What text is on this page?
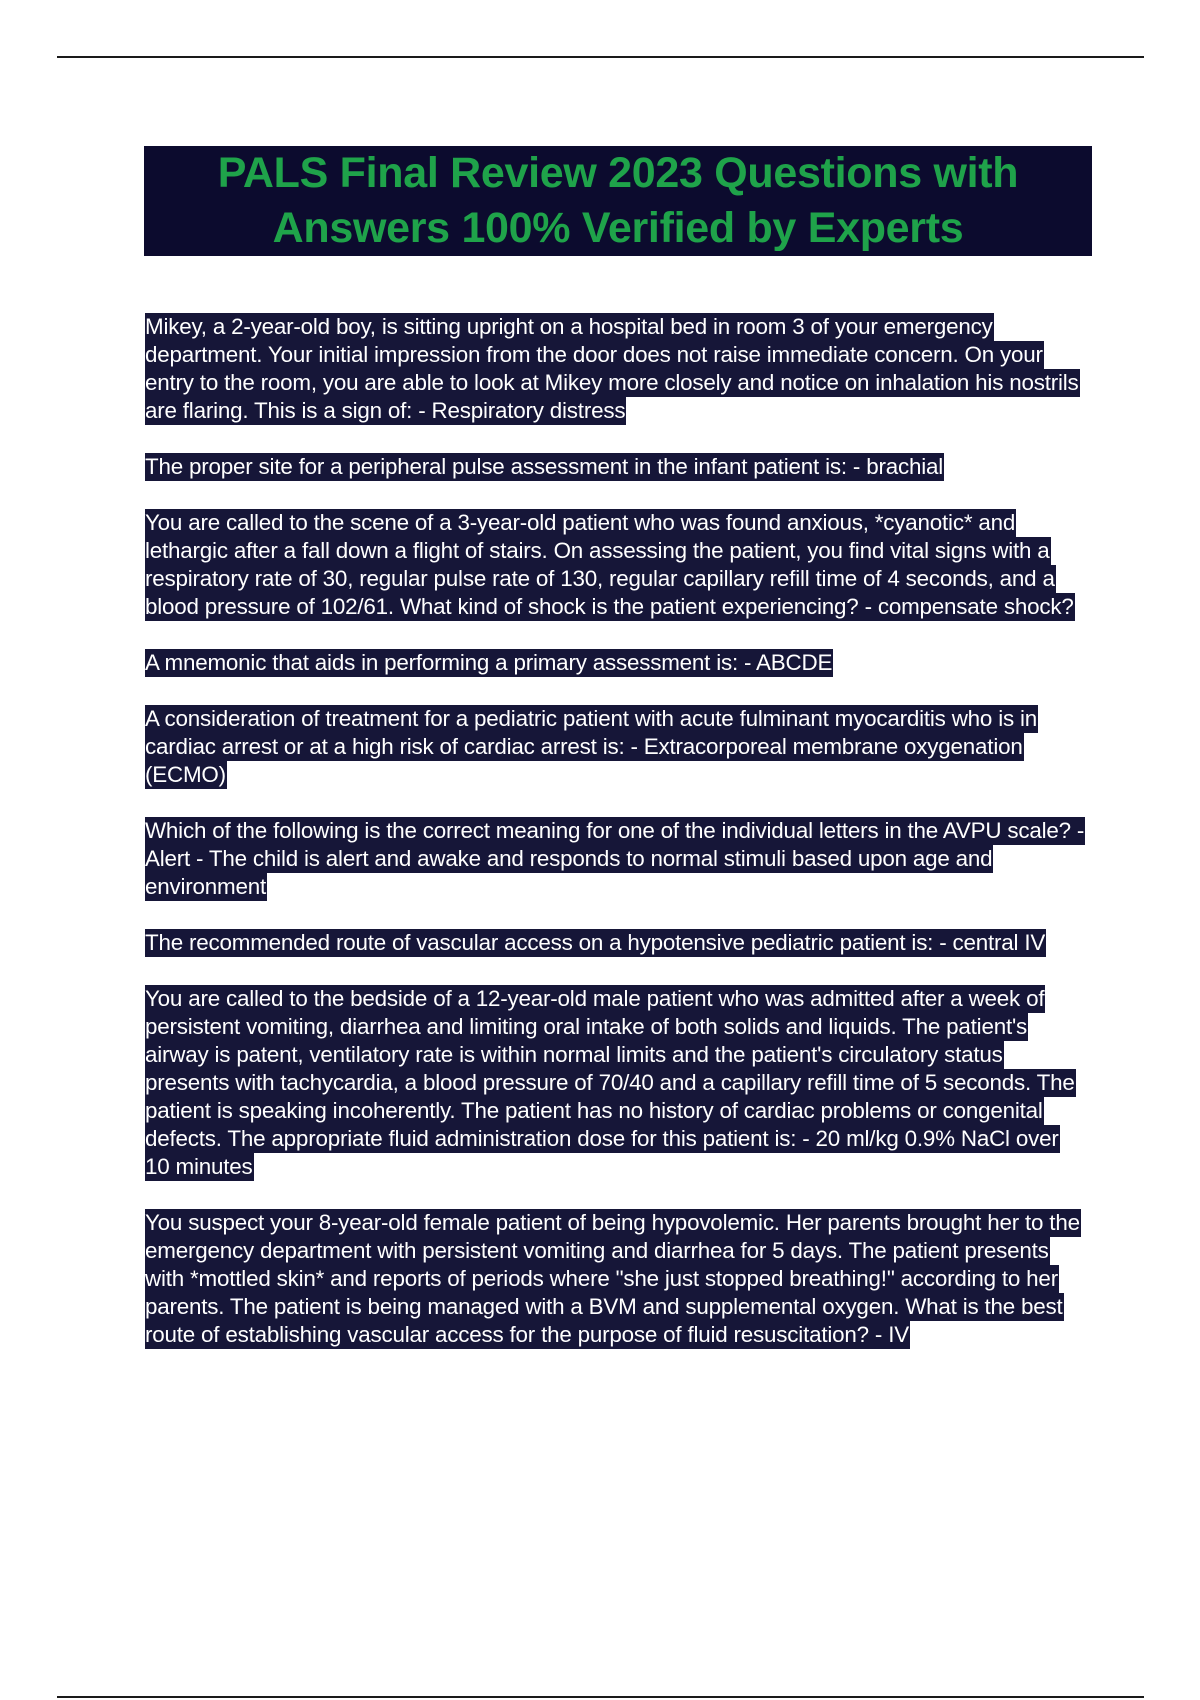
PALS Final Review 2023 Questions with Answers 100% Verified by Experts

Mikey, a 2-year-old boy, is sitting upright on a hospital bed in room 3 of your emergency department. Your initial impression from the door does not raise immediate concern. On your entry to the room, you are able to look at Mikey more closely and notice on inhalation his nostrils are flaring. This is a sign of: - Respiratory distress

The proper site for a peripheral pulse assessment in the infant patient is: - brachial

You are called to the scene of a 3-year-old patient who was found anxious, *cyanotic* and lethargic after a fall down a flight of stairs. On assessing the patient, you find vital signs with a respiratory rate of 30, regular pulse rate of 130, regular capillary refill time of 4 seconds, and a blood pressure of 102/61. What kind of shock is the patient experiencing? - compensate shock?

A mnemonic that aids in performing a primary assessment is: - ABCDE

A consideration of treatment for a pediatric patient with acute fulminant myocarditis who is in cardiac arrest or at a high risk of cardiac arrest is: - Extracorporeal membrane oxygenation (ECMO)

Which of the following is the correct meaning for one of the individual letters in the AVPU scale? - Alert - The child is alert and awake and responds to normal stimuli based upon age and environment

The recommended route of vascular access on a hypotensive pediatric patient is: - central IV

You are called to the bedside of a 12-year-old male patient who was admitted after a week of persistent vomiting, diarrhea and limiting oral intake of both solids and liquids. The patient's airway is patent, ventilatory rate is within normal limits and the patient's circulatory status presents with tachycardia, a blood pressure of 70/40 and a capillary refill time of 5 seconds. The patient is speaking incoherently. The patient has no history of cardiac problems or congenital defects. The appropriate fluid administration dose for this patient is: - 20 ml/kg 0.9% NaCl over 10 minutes

You suspect your 8-year-old female patient of being hypovolemic. Her parents brought her to the emergency department with persistent vomiting and diarrhea for 5 days. The patient presents with *mottled skin* and reports of periods where "she just stopped breathing!" according to her parents. The patient is being managed with a BVM and supplemental oxygen. What is the best route of establishing vascular access for the purpose of fluid resuscitation? - IV
